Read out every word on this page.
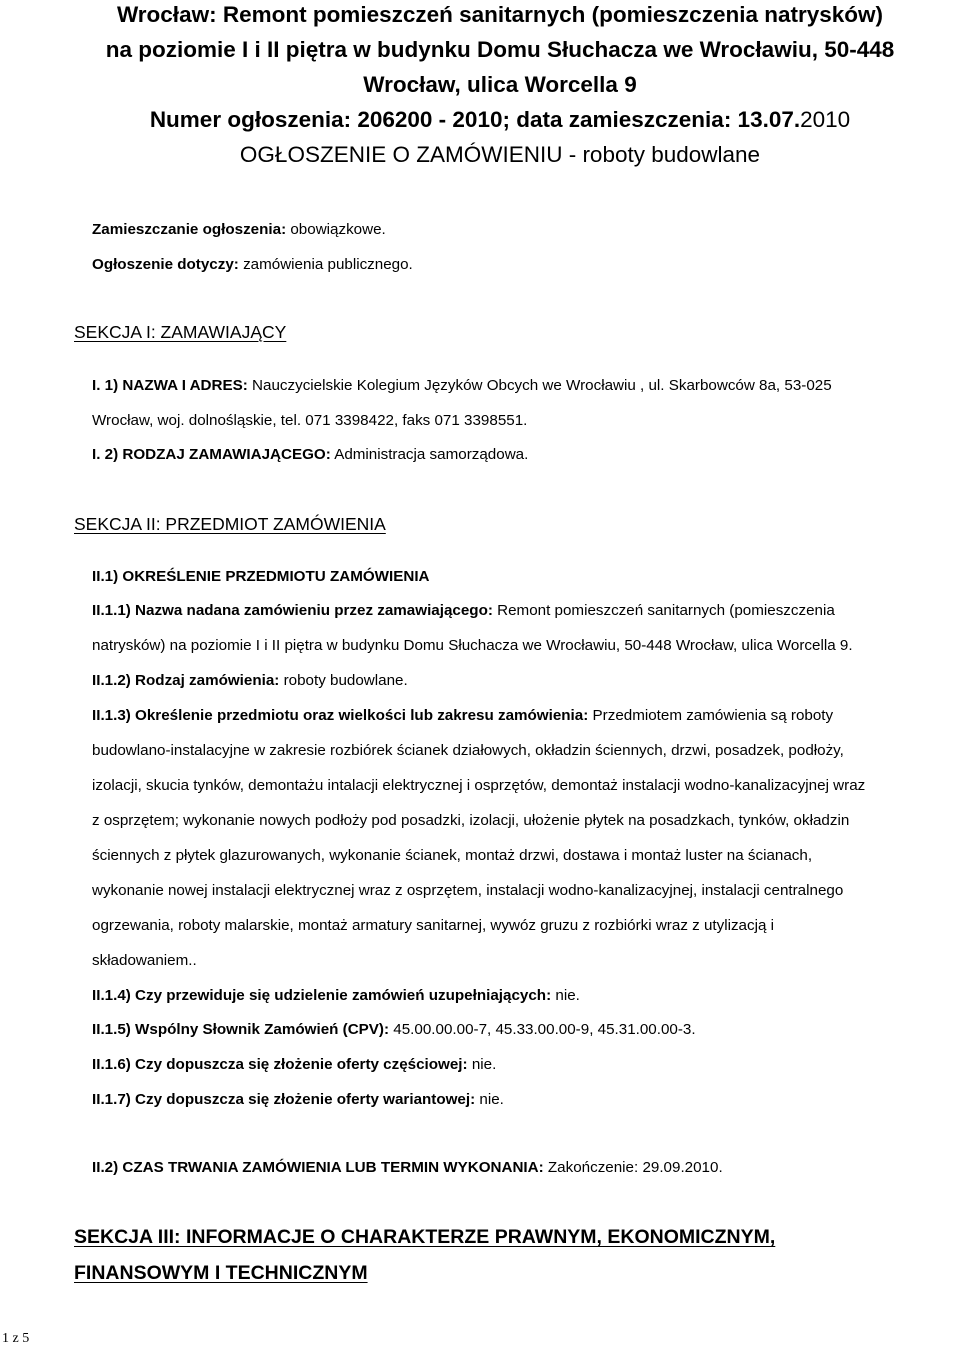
Wrocław: Remont pomieszczeń sanitarnych (pomieszczenia natrysków)
na poziomie I i II piętra w budynku Domu Słuchacza we Wrocławiu, 50-448
Wrocław, ulica Worcella 9
Numer ogłoszenia: 206200 - 2010; data zamieszczenia: 13.07.2010
OGŁOSZENIE O ZAMÓWIENIU - roboty budowlane
Zamieszczanie ogłoszenia: obowiązkowe.
Ogłoszenie dotyczy: zamówienia publicznego.
SEKCJA I: ZAMAWIAJĄCY
I. 1) NAZWA I ADRES: Nauczycielskie Kolegium Języków Obcych we Wrocławiu , ul. Skarbowców 8a, 53-025
Wrocław, woj. dolnośląskie, tel. 071 3398422, faks 071 3398551.
I. 2) RODZAJ ZAMAWIAJĄCEGO: Administracja samorządowa.
SEKCJA II: PRZEDMIOT ZAMÓWIENIA
II.1) OKREŚLENIE PRZEDMIOTU ZAMÓWIENIA
II.1.1) Nazwa nadana zamówieniu przez zamawiającego: Remont pomieszczeń sanitarnych (pomieszczenia
natrysków) na poziomie I i II piętra w budynku Domu Słuchacza we Wrocławiu, 50-448 Wrocław, ulica Worcella 9.
II.1.2) Rodzaj zamówienia: roboty budowlane.
II.1.3) Określenie przedmiotu oraz wielkości lub zakresu zamówienia: Przedmiotem zamówienia są roboty
budowlano-instalacyjne w zakresie rozbiórek ścianek działowych, okładzin ściennych, drzwi, posadzek, podłoży,
izolacji, skucia tynków, demontażu intalacji elektrycznej i osprzętów, demontaż instalacji wodno-kanalizacyjnej wraz
z osprzętem; wykonanie nowych podłoży pod posadzki, izolacji, ułożenie płytek na posadzkach, tynków, okładzin
ściennych z płytek glazurowanych, wykonanie ścianek, montaż drzwi, dostawa i montaż luster na ścianach,
wykonanie nowej instalacji elektrycznej wraz z osprzętem, instalacji wodno-kanalizacyjnej, instalacji centralnego
ogrzewania, roboty malarskie, montaż armatury sanitarnej, wywóz gruzu z rozbiórki wraz z utylizacją i
składowaniem..
II.1.4) Czy przewiduje się udzielenie zamówień uzupełniających: nie.
II.1.5) Wspólny Słownik Zamówień (CPV): 45.00.00.00-7, 45.33.00.00-9, 45.31.00.00-3.
II.1.6) Czy dopuszcza się złożenie oferty częściowej: nie.
II.1.7) Czy dopuszcza się złożenie oferty wariantowej: nie.
II.2) CZAS TRWANIA ZAMÓWIENIA LUB TERMIN WYKONANIA: Zakończenie: 29.09.2010.
SEKCJA III: INFORMACJE O CHARAKTERZE PRAWNYM, EKONOMICZNYM,
FINANSOWYM I TECHNICZNYM
1 z 5
